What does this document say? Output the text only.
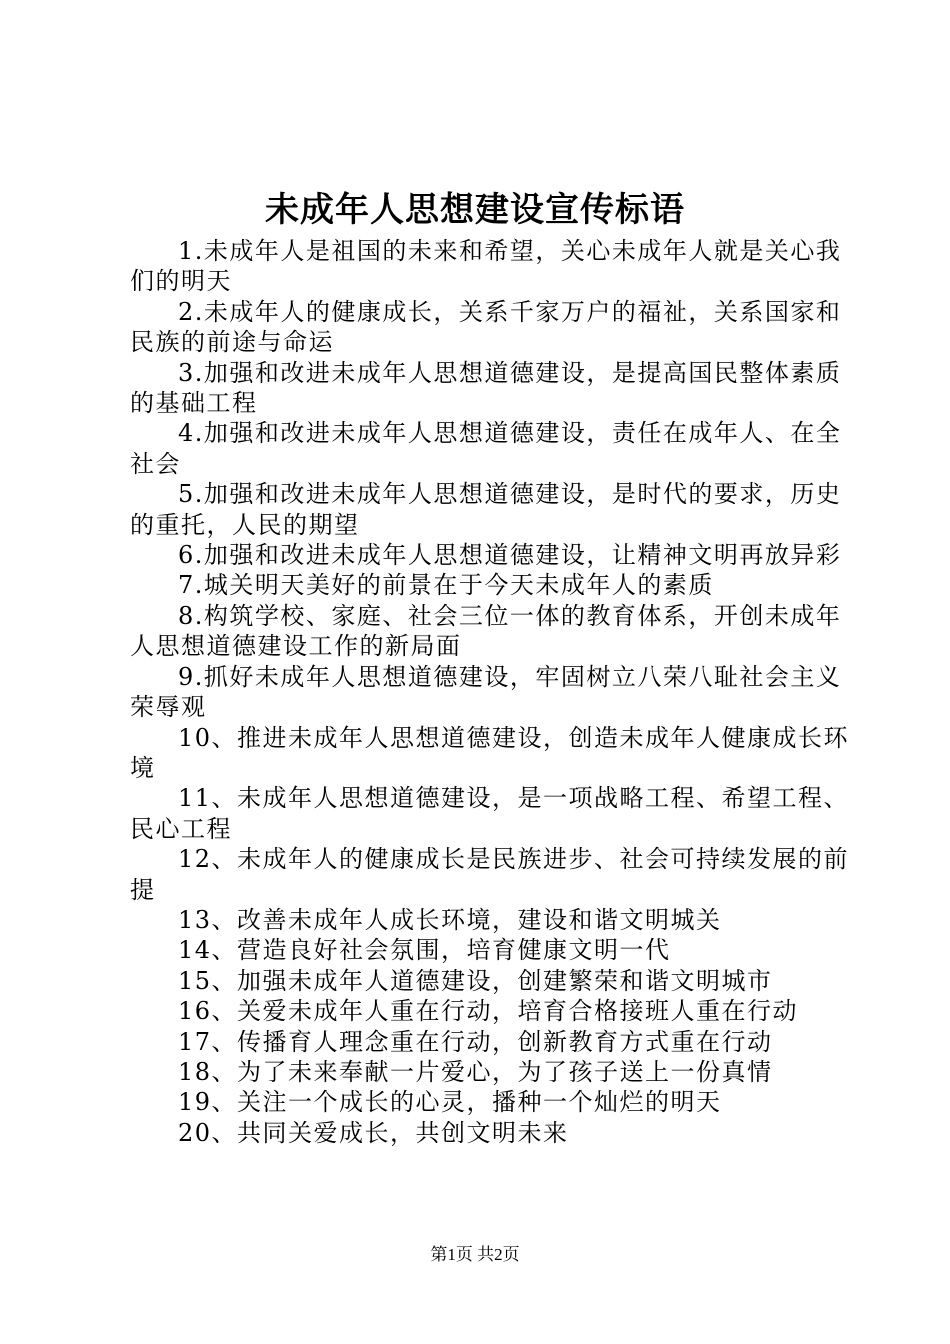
未成年人思想建设宣传标语

1.未成年人是祖国的未来和希望，关心未成年人就是关心我们的明天

2.未成年人的健康成长，关系千家万户的福祉，关系国家和民族的前途与命运

3.加强和改进未成年人思想道德建设，是提高国民整体素质的基础工程

4.加强和改进未成年人思想道德建设，责任在成年人、在全社会

5.加强和改进未成年人思想道德建设，是时代的要求，历史的重托，人民的期望

6.加强和改进未成年人思想道德建设，让精神文明再放异彩

7.城关明天美好的前景在于今天未成年人的素质

8.构筑学校、家庭、社会三位一体的教育体系，开创未成年人思想道德建设工作的新局面

9.抓好未成年人思想道德建设，牢固树立八荣八耻社会主义荣辱观

10、推进未成年人思想道德建设，创造未成年人健康成长环境

11、未成年人思想道德建设，是一项战略工程、希望工程、民心工程

12、未成年人的健康成长是民族进步、社会可持续发展的前提

13、改善未成年人成长环境，建设和谐文明城关

14、营造良好社会氛围，培育健康文明一代

15、加强未成年人道德建设，创建繁荣和谐文明城市

16、关爱未成年人重在行动，培育合格接班人重在行动

17、传播育人理念重在行动，创新教育方式重在行动

18、为了未来奉献一片爱心，为了孩子送上一份真情

19、关注一个成长的心灵，播种一个灿烂的明天

20、共同关爱成长，共创文明未来

第1页 共2页
